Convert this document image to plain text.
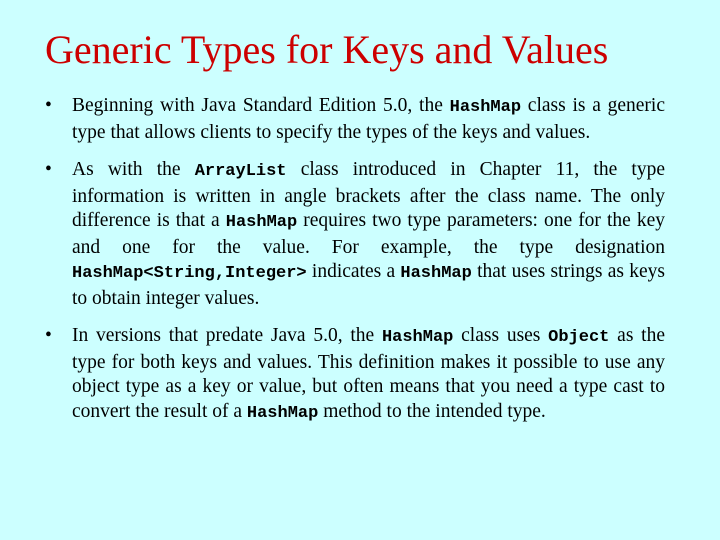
Generic Types for Keys and Values
• Beginning with Java Standard Edition 5.0, the HashMap class is a generic type that allows clients to specify the types of the keys and values.
• As with the ArrayList class introduced in Chapter 11, the type information is written in angle brackets after the class name. The only difference is that a HashMap requires two type parameters: one for the key and one for the value. For example, the type designation HashMap<String,Integer> indicates a HashMap that uses strings as keys to obtain integer values.
• In versions that predate Java 5.0, the HashMap class uses Object as the type for both keys and values. This definition makes it possible to use any object type as a key or value, but often means that you need a type cast to convert the result of a HashMap method to the intended type.
